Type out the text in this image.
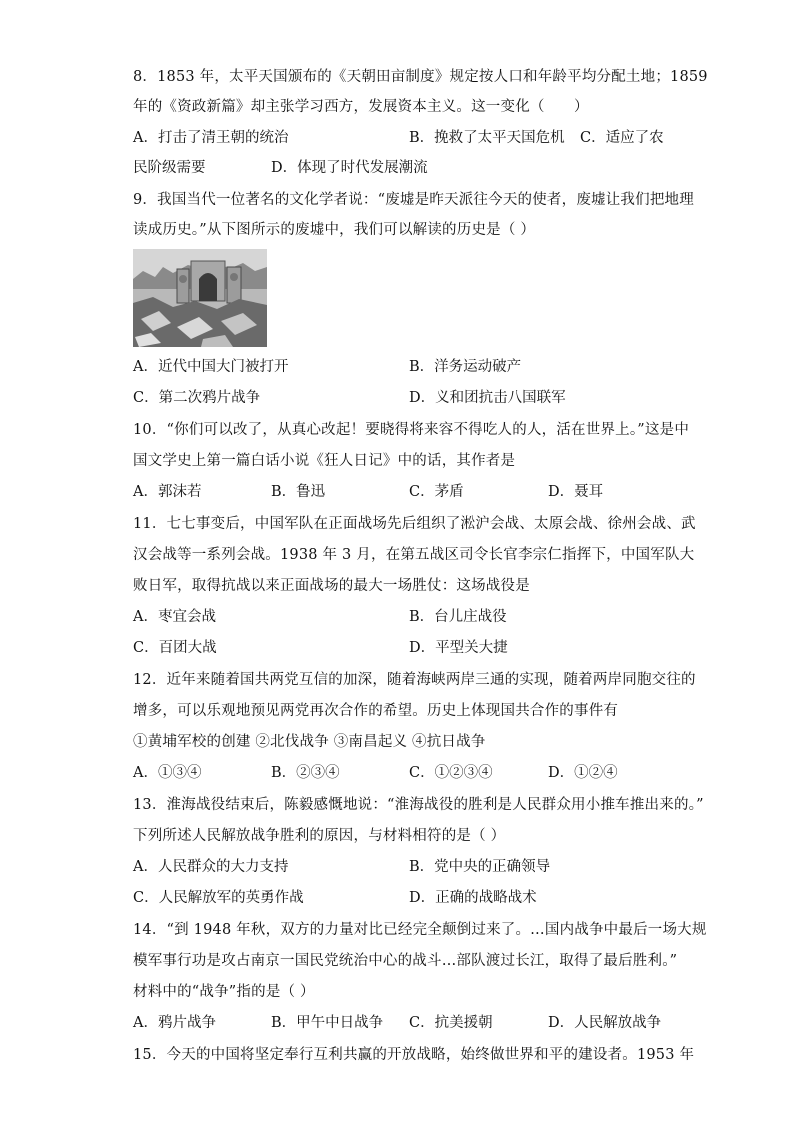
8．1853 年，太平天国颁布的《天朝田亩制度》规定按人口和年龄平均分配土地；1859
年的《资政新篇》却主张学习西方，发展资本主义。这一变化（　　）
A．打击了清王朝的统治	B．挽救了太平天国危机 C．适应了农
民阶级需要	D．体现了时代发展潮流
9．我国当代一位著名的文化学者说：“废墟是昨天派往今天的使者，废墟让我们把地理
读成历史。”从下图所示的废墟中，我们可以解读的历史是（ ）
A．近代中国大门被打开	B．洋务运动破产
C．第二次鸦片战争	D．义和团抗击八国联军
10．“你们可以改了，从真心改起！要晓得将来容不得吃人的人，活在世界上。”这是中
国文学史上第一篇白话小说《狂人日记》中的话，其作者是
A．郭沫若	B．鲁迅	C．茅盾	D．聂耳
11．七七事变后，中国军队在正面战场先后组织了淞沪会战、太原会战、徐州会战、武
汉会战等一系列会战。1938 年 3 月，在第五战区司令长官李宗仁指挥下，中国军队大
败日军，取得抗战以来正面战场的最大一场胜仗：这场战役是
A．枣宜会战	B．台儿庄战役
C．百团大战	D．平型关大捷
12．近年来随着国共两党互信的加深，随着海峡两岸三通的实现，随着两岸同胞交往的
增多，可以乐观地预见两党再次合作的希望。历史上体现国共合作的事件有
①黄埔军校的创建 ②北伐战争 ③南昌起义 ④抗日战争
A．①③④	B．②③④	C．①②③④	D．①②④
13．淮海战役结束后，陈毅感慨地说：“淮海战役的胜利是人民群众用小推车推出来的。”
下列所述人民解放战争胜利的原因，与材料相符的是（ ）
A．人民群众的大力支持	B．党中央的正确领导
C．人民解放军的英勇作战	D．正确的战略战术
14．“到 1948 年秋，双方的力量对比已经完全颠倒过来了。…国内战争中最后一场大规
模军事行功是攻占南京一国民党统治中心的战斗…部队渡过长江，取得了最后胜利。”
材料中的“战争”指的是（ ）
A．鸦片战争	B．甲午中日战争 C．抗美援朝	D．人民解放战争
15．今天的中国将坚定奉行互利共赢的开放战略，始终做世界和平的建设者。1953 年
